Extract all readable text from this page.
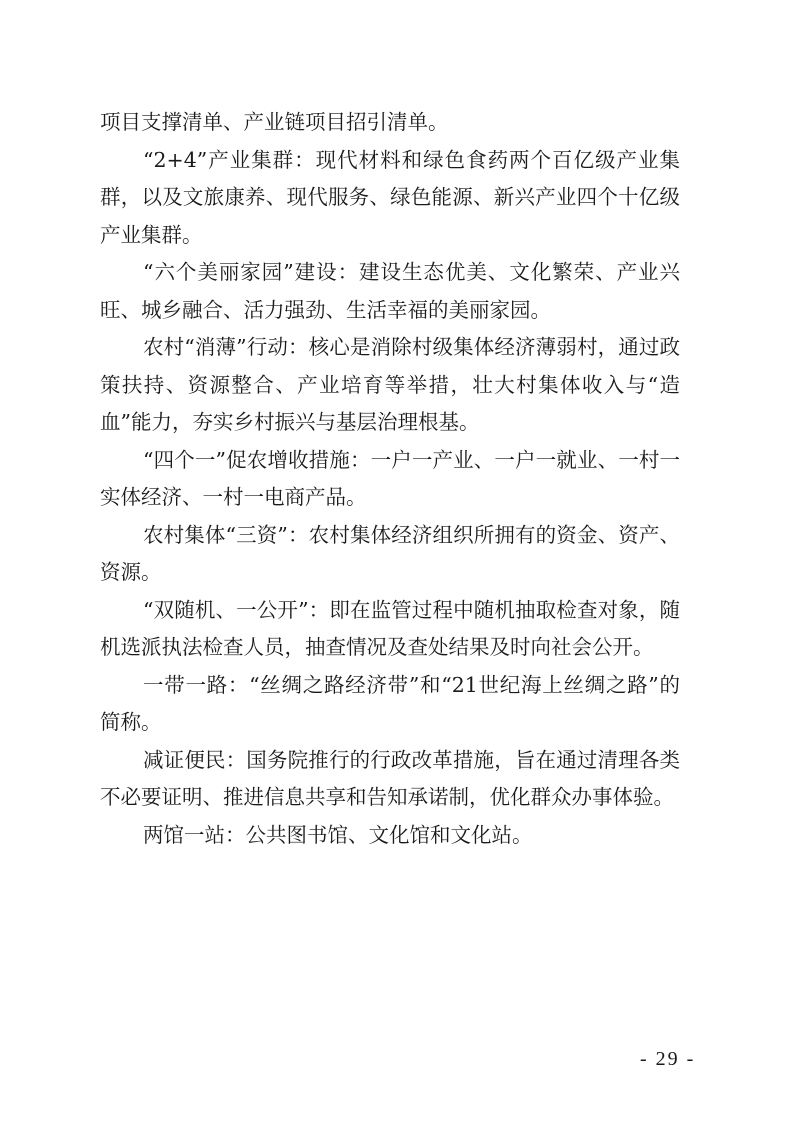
项目支撑清单、产业链项目招引清单。

“2+4”产业集群：现代材料和绿色食药两个百亿级产业集群，以及文旅康养、现代服务、绿色能源、新兴产业四个十亿级产业集群。

“六个美丽家园”建设：建设生态优美、文化繁荣、产业兴旺、城乡融合、活力强劲、生活幸福的美丽家园。

农村“消薄”行动：核心是消除村级集体经济薄弱村，通过政策扶持、资源整合、产业培育等举措，壮大村集体收入与“造血”能力，夯实乡村振兴与基层治理根基。

“四个一”促农增收措施：一户一产业、一户一就业、一村一实体经济、一村一电商产品。

农村集体“三资”：农村集体经济组织所拥有的资金、资产、资源。

“双随机、一公开”：即在监管过程中随机抽取检查对象，随机选派执法检查人员，抽查情况及查处结果及时向社会公开。

一带一路：“丝绸之路经济带”和“21世纪海上丝绸之路”的简称。

减证便民：国务院推行的行政改革措施，旨在通过清理各类不必要证明、推进信息共享和告知承诺制，优化群众办事体验。

两馆一站：公共图书馆、文化馆和文化站。

- 29 -
